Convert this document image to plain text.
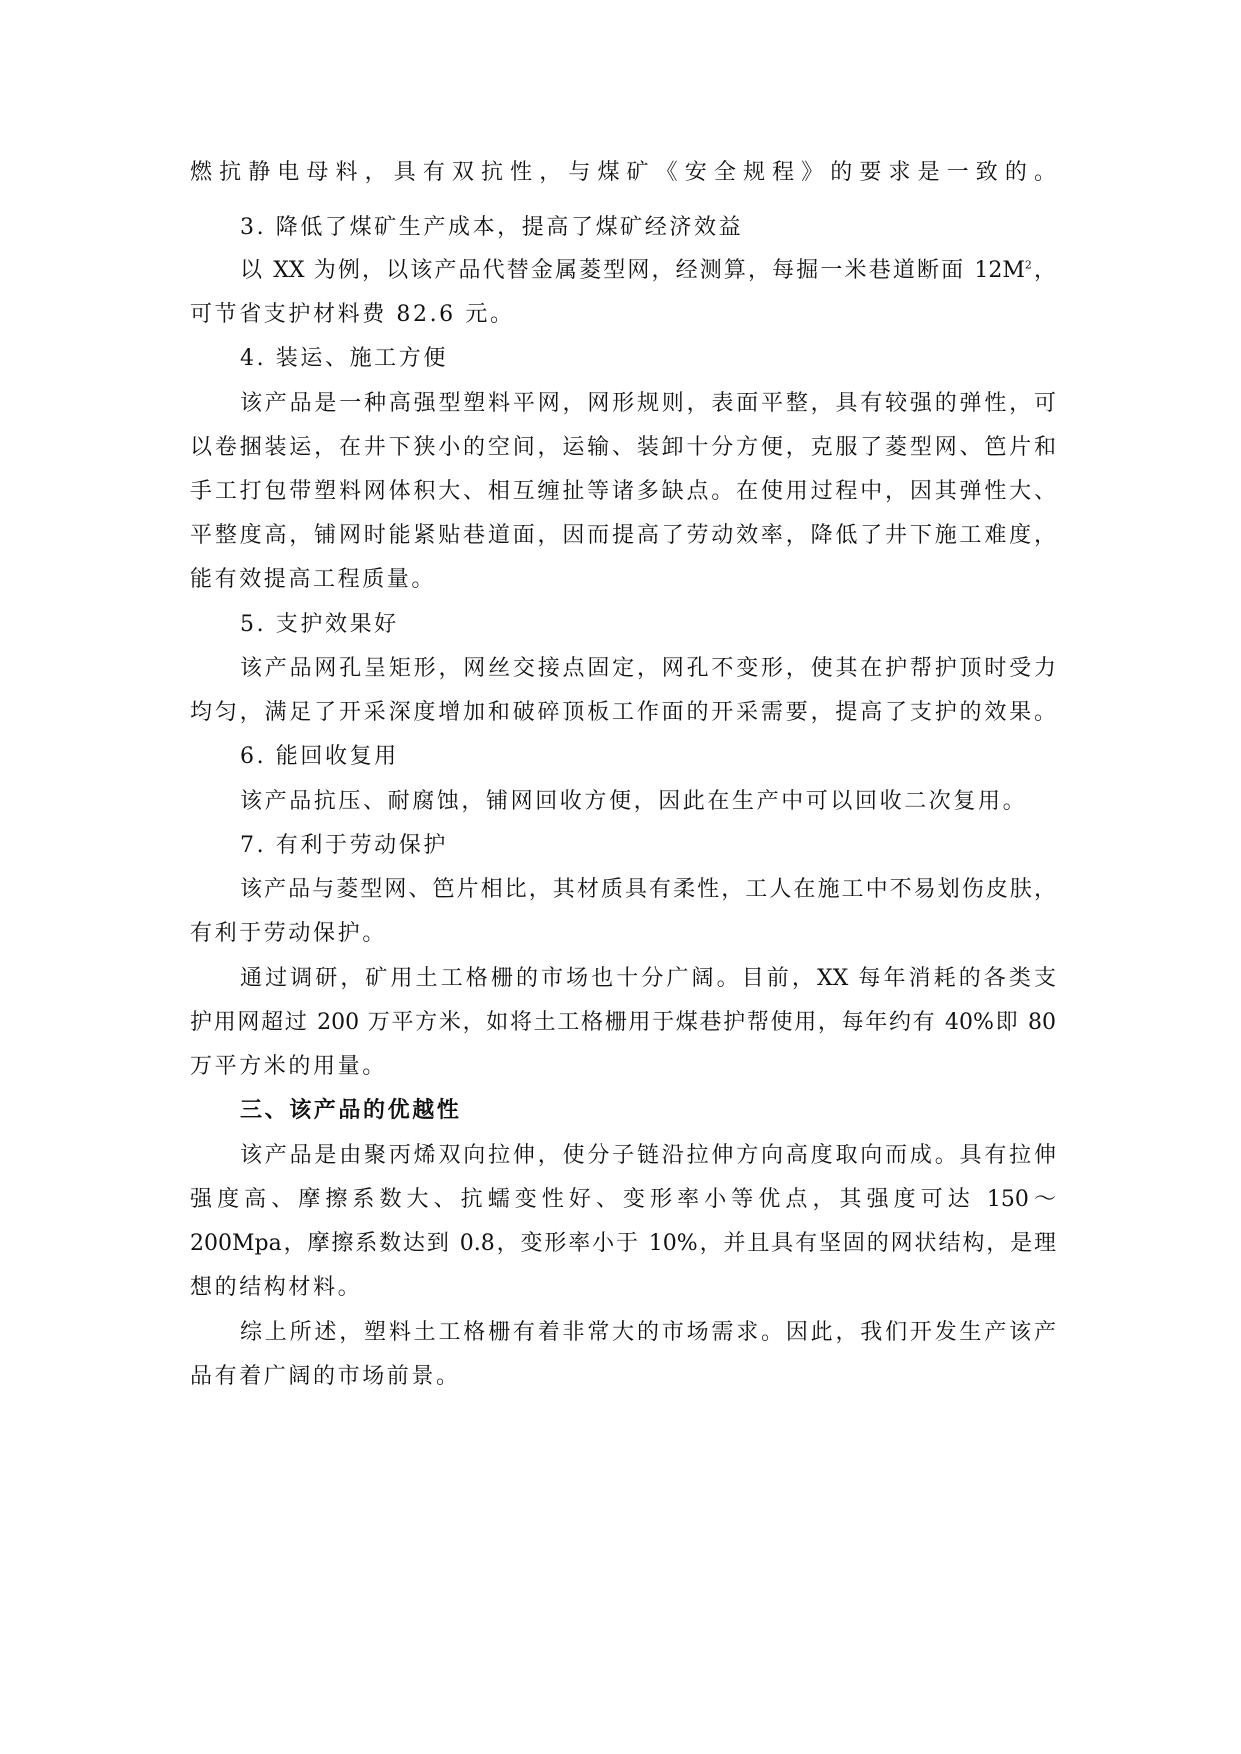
燃抗静电母料，具有双抗性，与煤矿《安全规程》的要求是一致的。
3. 降低了煤矿生产成本，提高了煤矿经济效益
以 XX 为例，以该产品代替金属菱型网，经测算，每掘一米巷道断面 $12M^2$，
可节省支护材料费 82.6 元。
4. 装运、施工方便
该产品是一种高强型塑料平网，网形规则，表面平整，具有较强的弹性，可
以卷捆装运，在井下狭小的空间，运输、装卸十分方便，克服了菱型网、笆片和
手工打包带塑料网体积大、相互缠扯等诸多缺点。在使用过程中，因其弹性大、
平整度高，铺网时能紧贴巷道面，因而提高了劳动效率，降低了井下施工难度，
能有效提高工程质量。
5. 支护效果好
该产品网孔呈矩形，网丝交接点固定，网孔不变形，使其在护帮护顶时受力
均匀，满足了开采深度增加和破碎顶板工作面的开采需要，提高了支护的效果。
6. 能回收复用
该产品抗压、耐腐蚀，铺网回收方便，因此在生产中可以回收二次复用。
7. 有利于劳动保护
该产品与菱型网、笆片相比，其材质具有柔性，工人在施工中不易划伤皮肤，
有利于劳动保护。
通过调研，矿用土工格栅的市场也十分广阔。目前，XX 每年消耗的各类支
护用网超过 200 万平方米，如将土工格栅用于煤巷护帮使用，每年约有 40%即 80
万平方米的用量。
三、该产品的优越性
该产品是由聚丙烯双向拉伸，使分子链沿拉伸方向高度取向而成。具有拉伸
强度高、摩擦系数大、抗蠕变性好、变形率小等优点，其强度可达 150～
200Mpa，摩擦系数达到 0.8，变形率小于 10%，并且具有坚固的网状结构，是理
想的结构材料。
综上所述，塑料土工格栅有着非常大的市场需求。因此，我们开发生产该产
品有着广阔的市场前景。
